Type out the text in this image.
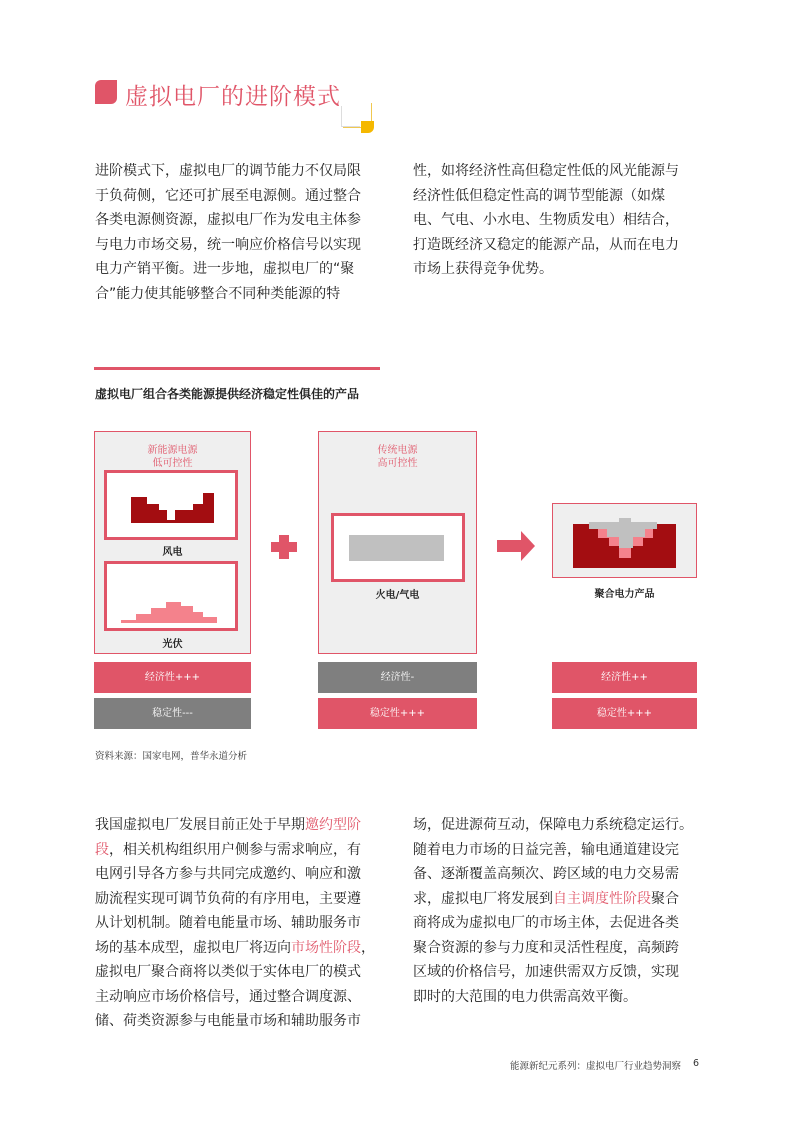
虚拟电厂的进阶模式
进阶模式下，虚拟电厂的调节能力不仅局限
于负荷侧，它还可扩展至电源侧。通过整合
各类电源侧资源，虚拟电厂作为发电主体参
与电力市场交易，统一响应价格信号以实现
电力产销平衡。进一步地，虚拟电厂的“聚
合”能力使其能够整合不同种类能源的特
性，如将经济性高但稳定性低的风光能源与
经济性低但稳定性高的调节型能源（如煤
电、气电、小水电、生物质发电）相结合，
打造既经济又稳定的能源产品，从而在电力
市场上获得竞争优势。
虚拟电厂组合各类能源提供经济稳定性俱佳的产品
新能源电源
低可控性
风电
光伏
传统电源
高可控性
火电/气电	聚合电力产品
经济性+++
稳定性---
经济性-
稳定性+++
经济性++
稳定性+++
资料来源：国家电网，普华永道分析
我国虚拟电厂发展目前正处于早期邀约型阶
段，相关机构组织用户侧参与需求响应，有
电网引导各方参与共同完成邀约、响应和激
励流程实现可调节负荷的有序用电，主要遵
从计划机制。随着电能量市场、辅助服务市
场的基本成型，虚拟电厂将迈向市场性阶段，
虚拟电厂聚合商将以类似于实体电厂的模式
主动响应市场价格信号，通过整合调度源、
储、荷类资源参与电能量市场和辅助服务市
场，促进源荷互动，保障电力系统稳定运行。
随着电力市场的日益完善，输电通道建设完
备、逐渐覆盖高频次、跨区域的电力交易需
求，虚拟电厂将发展到自主调度性阶段聚合
商将成为虚拟电厂的市场主体，去促进各类
聚合资源的参与力度和灵活性程度，高频跨
区域的价格信号，加速供需双方反馈，实现
即时的大范围的电力供需高效平衡。
能源新纪元系列：虚拟电厂行业趋势洞察 6
